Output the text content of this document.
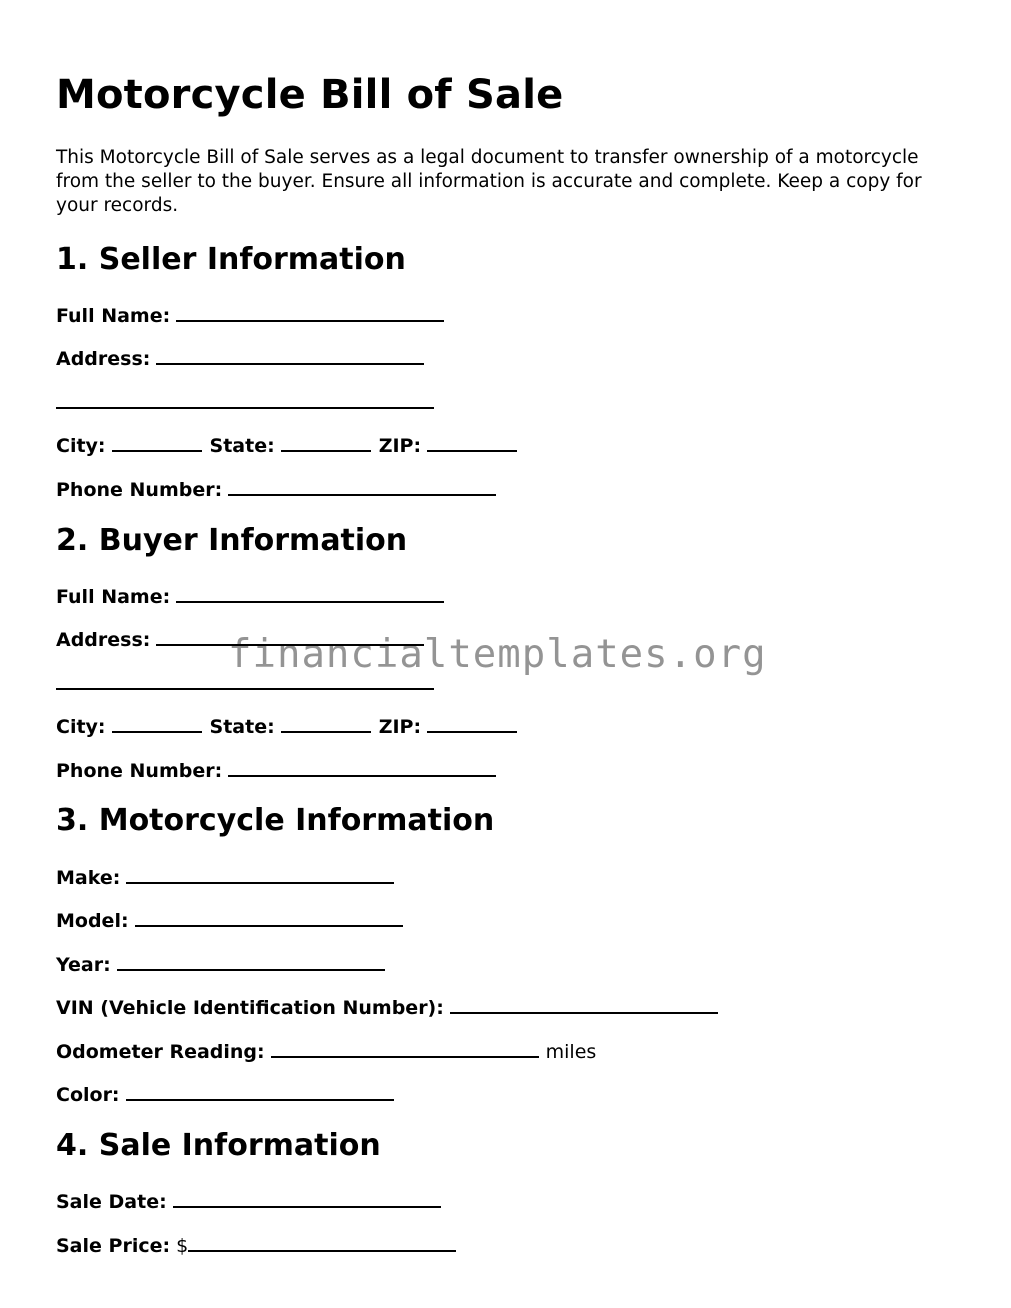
Motorcycle Bill of Sale

This Motorcycle Bill of Sale serves as a legal document to transfer ownership of a motorcycle from the seller to the buyer. Ensure all information is accurate and complete. Keep a copy for your records.

1. Seller Information
Full Name:
Address:
City:	State:	ZIP:
Phone Number:
2. Buyer Information
Full Name:
Address:
City:	State:	ZIP:
Phone Number:
3. Motorcycle Information
Make:
Model:
Year:
VIN (Vehicle Identification Number):
Odometer Reading:	miles
Color:
4. Sale Information
Sale Date:
Sale Price: $
financialtemplates.org
